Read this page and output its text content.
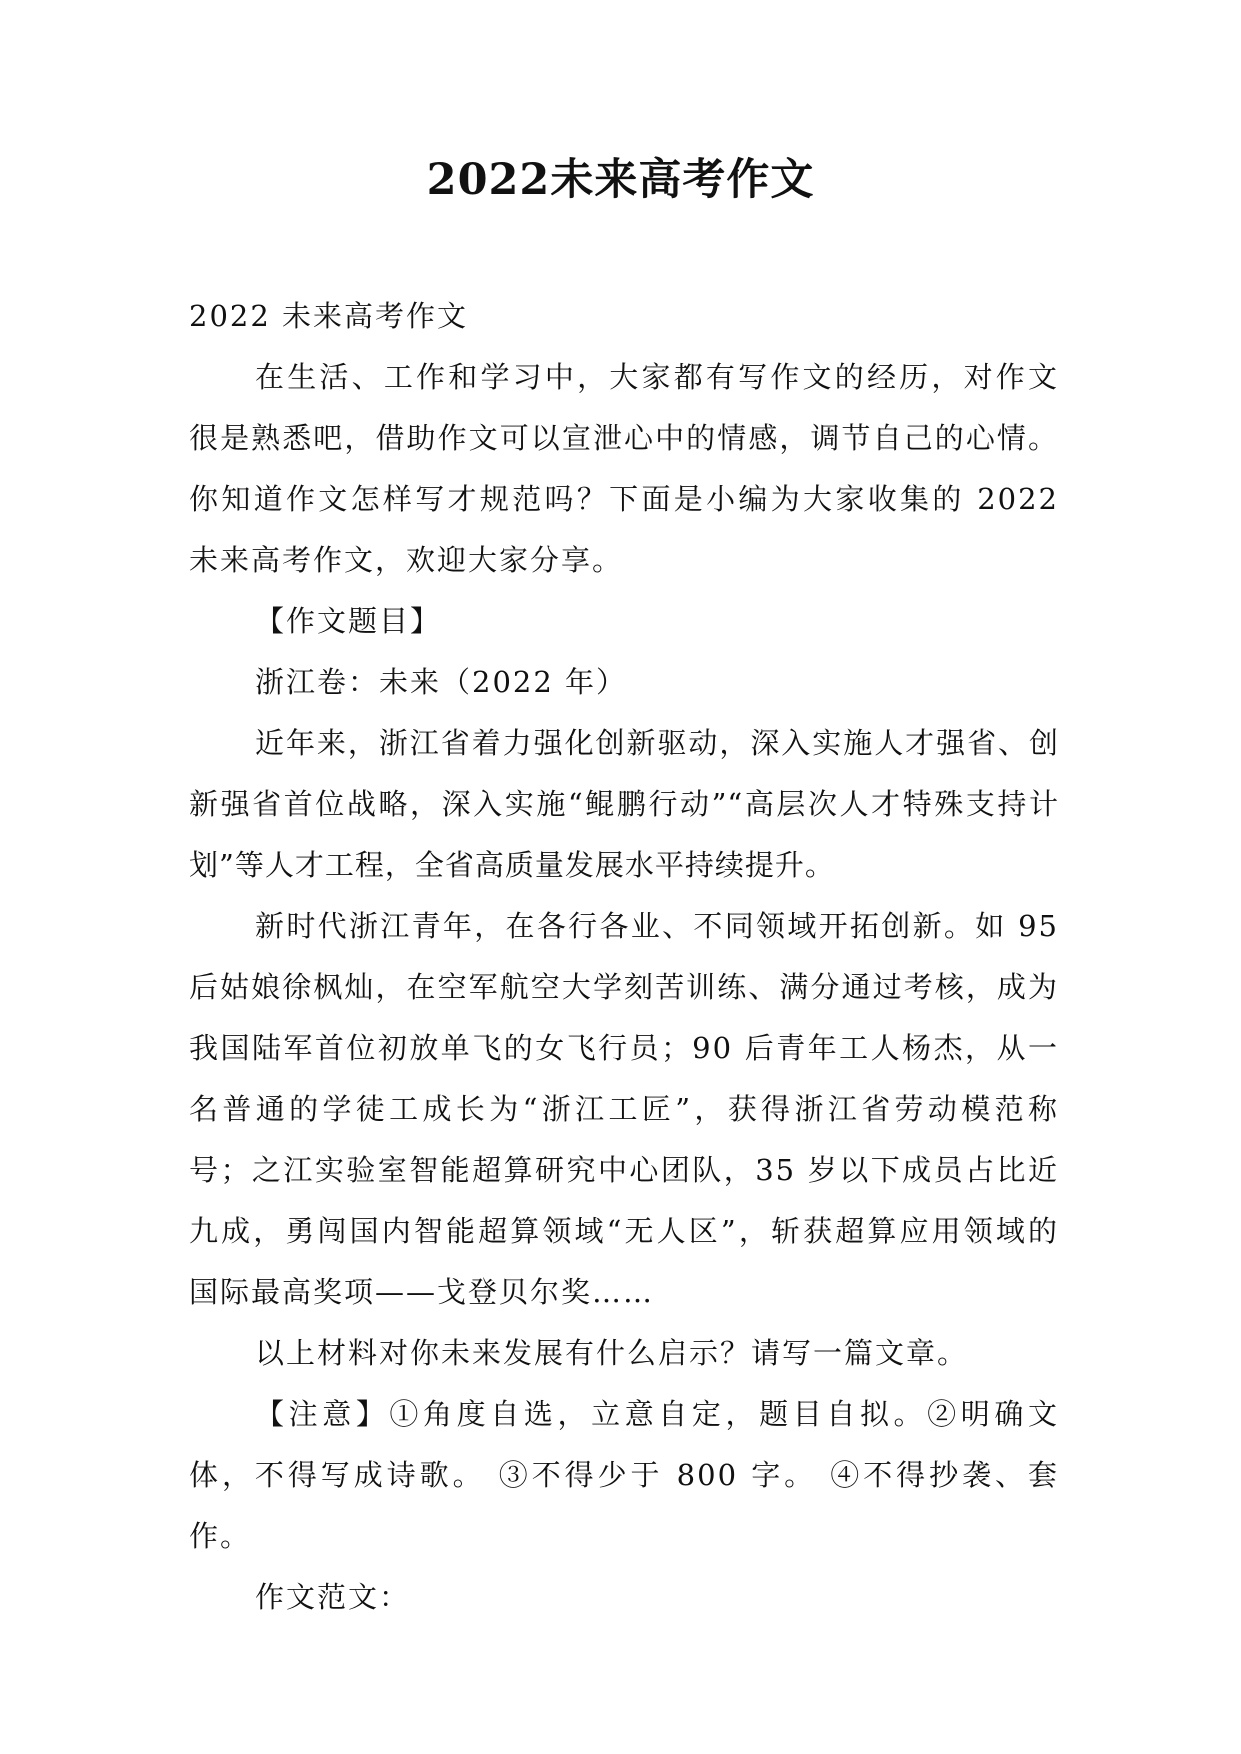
2022未来高考作文

2022 未来高考作文

在生活、工作和学习中，大家都有写作文的经历，对作文很是熟悉吧，借助作文可以宣泄心中的情感，调节自己的心情。你知道作文怎样写才规范吗？下面是小编为大家收集的 2022 未来高考作文，欢迎大家分享。

【作文题目】

浙江卷：未来（2022 年）

近年来，浙江省着力强化创新驱动，深入实施人才强省、创新强省首位战略，深入实施“鲲鹏行动”“高层次人才特殊支持计划”等人才工程，全省高质量发展水平持续提升。

新时代浙江青年，在各行各业、不同领域开拓创新。如 95 后姑娘徐枫灿，在空军航空大学刻苦训练、满分通过考核，成为我国陆军首位初放单飞的女飞行员；90 后青年工人杨杰，从一名普通的学徒工成长为“浙江工匠”，获得浙江省劳动模范称号；之江实验室智能超算研究中心团队，35 岁以下成员占比近九成，勇闯国内智能超算领域“无人区”，斩获超算应用领域的国际最高奖项——戈登贝尔奖……

以上材料对你未来发展有什么启示？请写一篇文章。

【注意】①角度自选，立意自定，题目自拟。②明确文体，不得写成诗歌。 ③不得少于 800 字。 ④不得抄袭、套作。

作文范文：
